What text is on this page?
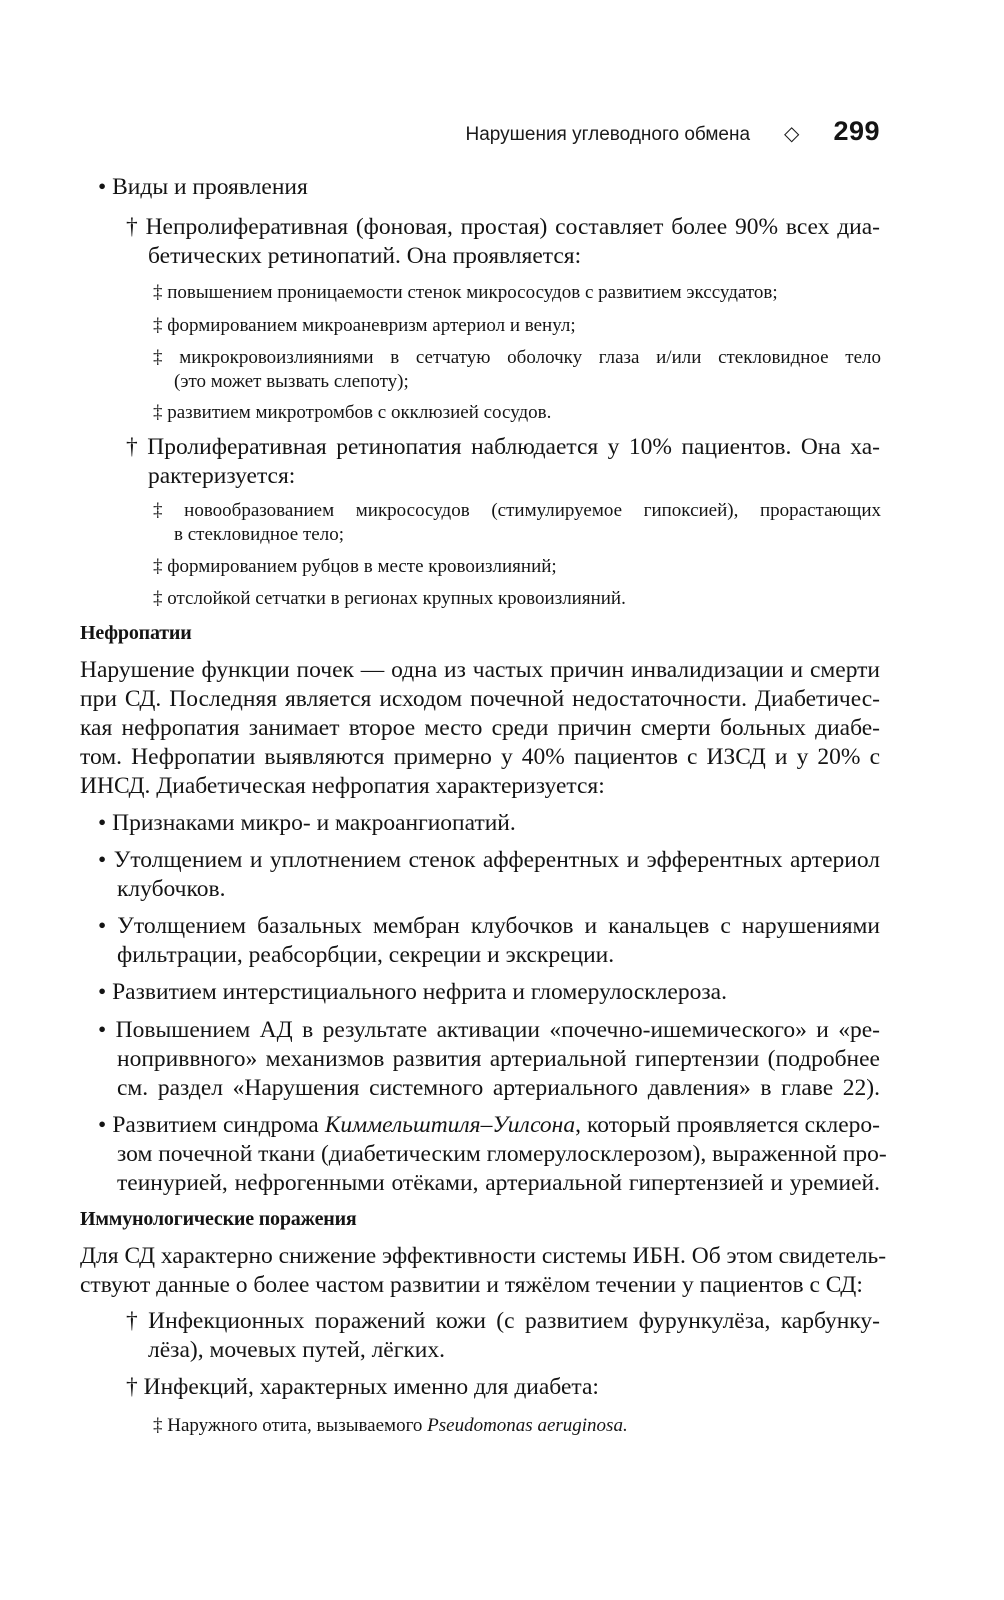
Нарушения углеводного обмена ◇ 299
• Виды и проявления
† Непролиферативная (фоновая, простая) составляет более 90% всех диа-
бетических ретинопатий. Она проявляется:
‡ повышением проницаемости стенок микрососудов с развитием экссудатов;
‡ формированием микроаневризм артериол и венул;
‡ микрокровоизлияниями в сетчатую оболочку глаза и/или стекловидное тело
(это может вызвать слепоту);
‡ развитием микротромбов с окклюзией сосудов.
† Пролиферативная ретинопатия наблюдается у 10% пациентов. Она ха-
рактеризуется:
‡ новообразованием микрососудов (стимулируемое гипоксией), прорастающих
в стекловидное тело;
‡ формированием рубцов в месте кровоизлияний;
‡ отслойкой сетчатки в регионах крупных кровоизлияний.
Нефропатии
Нарушение функции почек — одна из частых причин инвалидизации и смерти
при СД. Последняя является исходом почечной недостаточности. Диабетичес-
кая нефропатия занимает второе место среди причин смерти больных диабе-
том. Нефропатии выявляются примерно у 40% пациентов с ИЗСД и у 20% с
ИНСД. Диабетическая нефропатия характеризуется:
• Признаками микро- и макроангиопатий.
• Утолщением и уплотнением стенок афферентных и эфферентных артериол
клубочков.
• Утолщением базальных мембран клубочков и канальцев с нарушениями
фильтрации, реабсорбции, секреции и экскреции.
• Развитием интерстициального нефрита и гломерулосклероза.
• Повышением АД в результате активации «почечно-ишемического» и «ре-
ноприввного» механизмов развития артериальной гипертензии (подробнее
см. раздел «Нарушения системного артериального давления» в главе 22).
• Развитием синдрома Киммельштиля–Уилсона, который проявляется склеро-
зом почечной ткани (диабетическим гломерулосклерозом), выраженной про-
теинурией, нефрогенными отёками, артериальной гипертензией и уремией.
Иммунологические поражения
Для СД характерно снижение эффективности системы ИБН. Об этом свидетель-
ствуют данные о более частом развитии и тяжёлом течении у пациентов с СД:
† Инфекционных поражений кожи (с развитием фурункулёза, карбунку-
лёза), мочевых путей, лёгких.
† Инфекций, характерных именно для диабета:
‡ Наружного отита, вызываемого Pseudomonas aeruginosa.
